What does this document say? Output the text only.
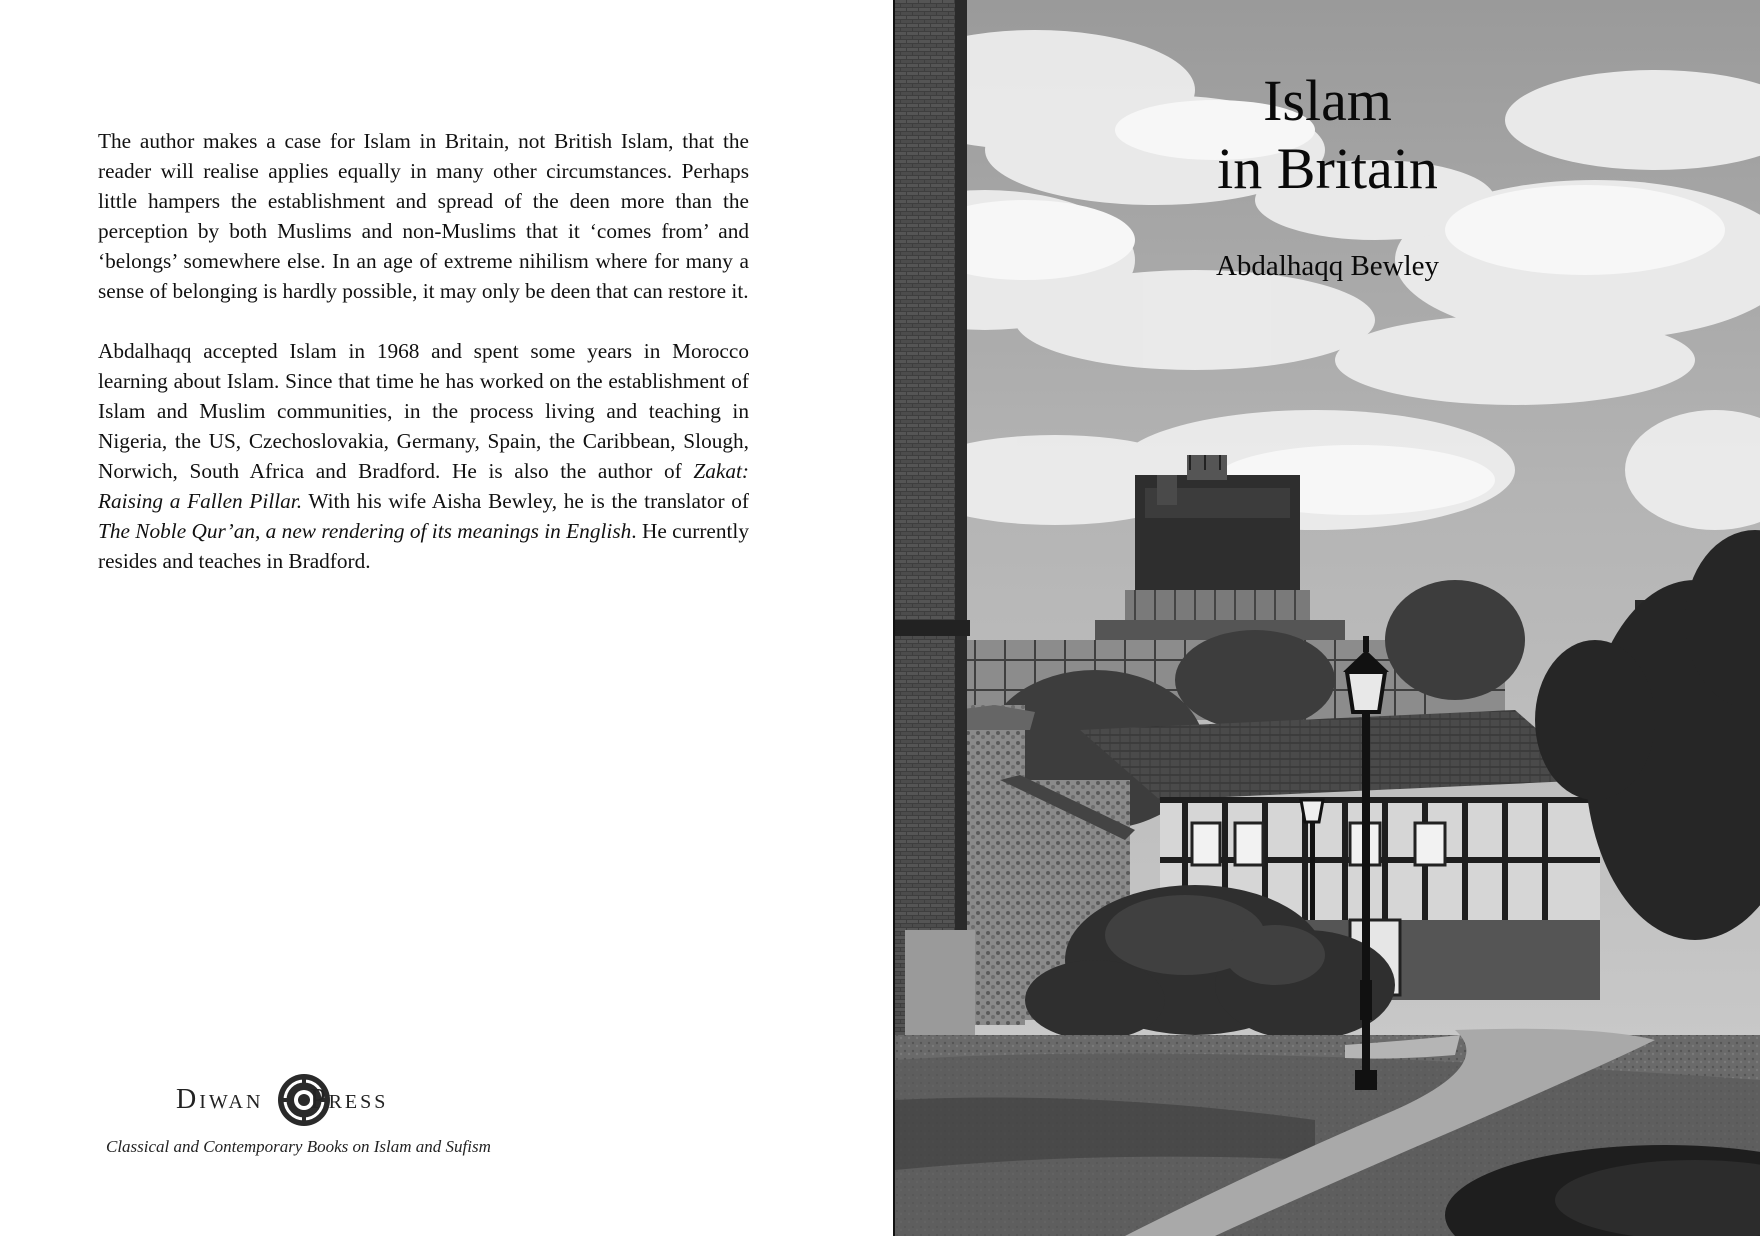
The author makes a case for Islam in Britain, not British Islam, that the reader will realise applies equally in many other circumstances. Perhaps little hampers the establishment and spread of the deen more than the perception by both Muslims and non-Muslims that it ‘comes from’ and ‘belongs’ somewhere else. In an age of extreme nihilism where for many a sense of belonging is hardly possible, it may only be deen that can restore it.

Abdalhaqq accepted Islam in 1968 and spent some years in Morocco learning about Islam. Since that time he has worked on the establishment of Islam and Muslim communities, in the process living and teaching in Nigeria, the US, Czechoslovakia, Germany, Spain, the Caribbean, Slough, Norwich, South Africa and Bradford. He is also the author of Zakat: Raising a Fallen Pillar. With his wife Aisha Bewley, he is the translator of The Noble Qur’an, a new rendering of its meanings in English. He currently resides and teaches in Bradford.

Diwan Press
Classical and Contemporary Books on Islam and Sufism
Islam
in Britain
Abdalhaqq Bewley
